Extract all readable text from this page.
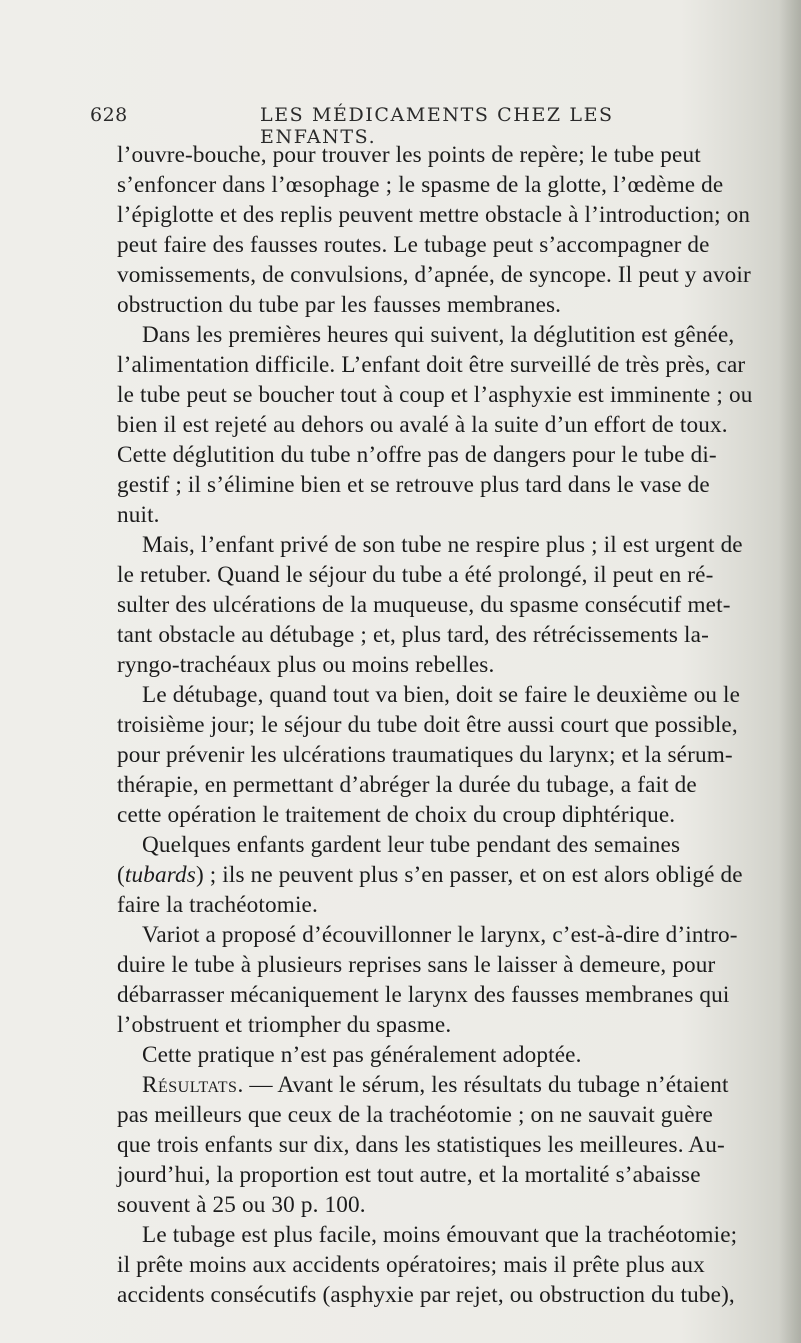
628	LES MÉDICAMENTS CHEZ LES ENFANTS.
l’ouvre-bouche, pour trouver les points de repère; le tube peut
s’enfoncer dans l’œsophage ; le spasme de la glotte, l’œdème de
l’épiglotte et des replis peuvent mettre obstacle à l’introduction; on
peut faire des fausses routes. Le tubage peut s’accompagner de
vomissements, de convulsions, d’apnée, de syncope. Il peut y avoir
obstruction du tube par les fausses membranes.
Dans les premières heures qui suivent, la déglutition est gênée,
l’alimentation difficile. L’enfant doit être surveillé de très près, car
le tube peut se boucher tout à coup et l’asphyxie est imminente ; ou
bien il est rejeté au dehors ou avalé à la suite d’un effort de toux.
Cette déglutition du tube n’offre pas de dangers pour le tube di-
gestif ; il s’élimine bien et se retrouve plus tard dans le vase de
nuit.
Mais, l’enfant privé de son tube ne respire plus ; il est urgent de
le retuber. Quand le séjour du tube a été prolongé, il peut en ré-
sulter des ulcérations de la muqueuse, du spasme consécutif met-
tant obstacle au détubage ; et, plus tard, des rétrécissements la-
ryngo-trachéaux plus ou moins rebelles.
Le détubage, quand tout va bien, doit se faire le deuxième ou le
troisième jour; le séjour du tube doit être aussi court que possible,
pour prévenir les ulcérations traumatiques du larynx; et la sérum-
thérapie, en permettant d’abréger la durée du tubage, a fait de
cette opération le traitement de choix du croup diphtérique.
Quelques enfants gardent leur tube pendant des semaines
(tubards) ; ils ne peuvent plus s’en passer, et on est alors obligé de
faire la trachéotomie.
Variot a proposé d’écouvillonner le larynx, c’est-à-dire d’intro-
duire le tube à plusieurs reprises sans le laisser à demeure, pour
débarrasser mécaniquement le larynx des fausses membranes qui
l’obstruent et triompher du spasme.
Cette pratique n’est pas généralement adoptée.
Résultats. — Avant le sérum, les résultats du tubage n’étaient
pas meilleurs que ceux de la trachéotomie ; on ne sauvait guère
que trois enfants sur dix, dans les statistiques les meilleures. Au-
jourd’hui, la proportion est tout autre, et la mortalité s’abaisse
souvent à 25 ou 30 p. 100.
Le tubage est plus facile, moins émouvant que la trachéotomie;
il prête moins aux accidents opératoires; mais il prête plus aux
accidents consécutifs (asphyxie par rejet, ou obstruction du tube),
